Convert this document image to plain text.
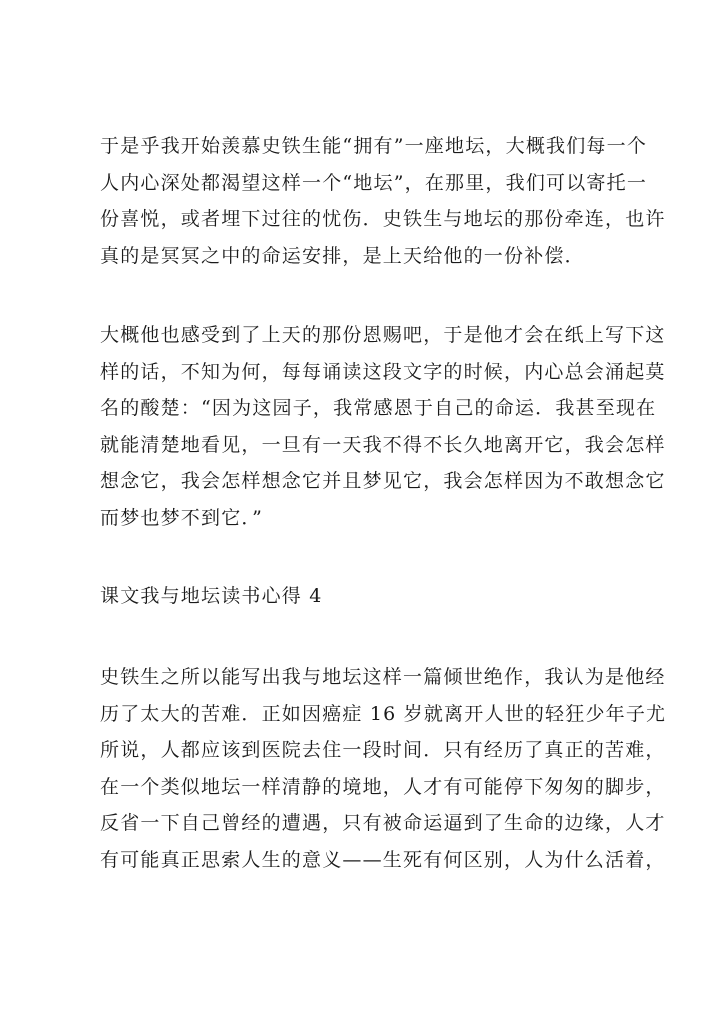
于是乎我开始羡慕史铁生能“拥有”一座地坛，大概我们每一个
人内心深处都渴望这样一个“地坛”，在那里，我们可以寄托一
份喜悦，或者埋下过往的忧伤．史铁生与地坛的那份牵连，也许
真的是冥冥之中的命运安排，是上天给他的一份补偿．
大概他也感受到了上天的那份恩赐吧，于是他才会在纸上写下这
样的话，不知为何，每每诵读这段文字的时候，内心总会涌起莫
名的酸楚：“因为这园子，我常感恩于自己的命运．我甚至现在
就能清楚地看见，一旦有一天我不得不长久地离开它，我会怎样
想念它，我会怎样想念它并且梦见它，我会怎样因为不敢想念它
而梦也梦不到它．”
课文我与地坛读书心得 4
史铁生之所以能写出我与地坛这样一篇倾世绝作，我认为是他经
历了太大的苦难．正如因癌症 16 岁就离开人世的轻狂少年子尤
所说，人都应该到医院去住一段时间．只有经历了真正的苦难，
在一个类似地坛一样清静的境地，人才有可能停下匆匆的脚步，
反省一下自己曾经的遭遇，只有被命运逼到了生命的边缘，人才
有可能真正思索人生的意义——生死有何区别，人为什么活着，
